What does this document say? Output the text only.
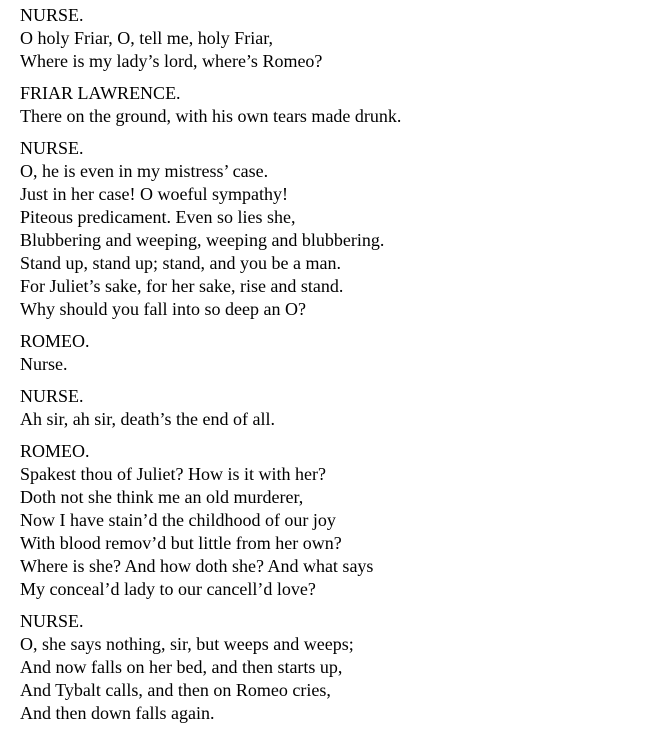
NURSE.
O holy Friar, O, tell me, holy Friar,
Where is my lady’s lord, where’s Romeo?
FRIAR LAWRENCE.
There on the ground, with his own tears made drunk.
NURSE.
O, he is even in my mistress’ case.
Just in her case! O woeful sympathy!
Piteous predicament. Even so lies she,
Blubbering and weeping, weeping and blubbering.
Stand up, stand up; stand, and you be a man.
For Juliet’s sake, for her sake, rise and stand.
Why should you fall into so deep an O?
ROMEO.
Nurse.
NURSE.
Ah sir, ah sir, death’s the end of all.
ROMEO.
Spakest thou of Juliet? How is it with her?
Doth not she think me an old murderer,
Now I have stain’d the childhood of our joy
With blood remov’d but little from her own?
Where is she? And how doth she? And what says
My conceal’d lady to our cancell’d love?
NURSE.
O, she says nothing, sir, but weeps and weeps;
And now falls on her bed, and then starts up,
And Tybalt calls, and then on Romeo cries,
And then down falls again.
